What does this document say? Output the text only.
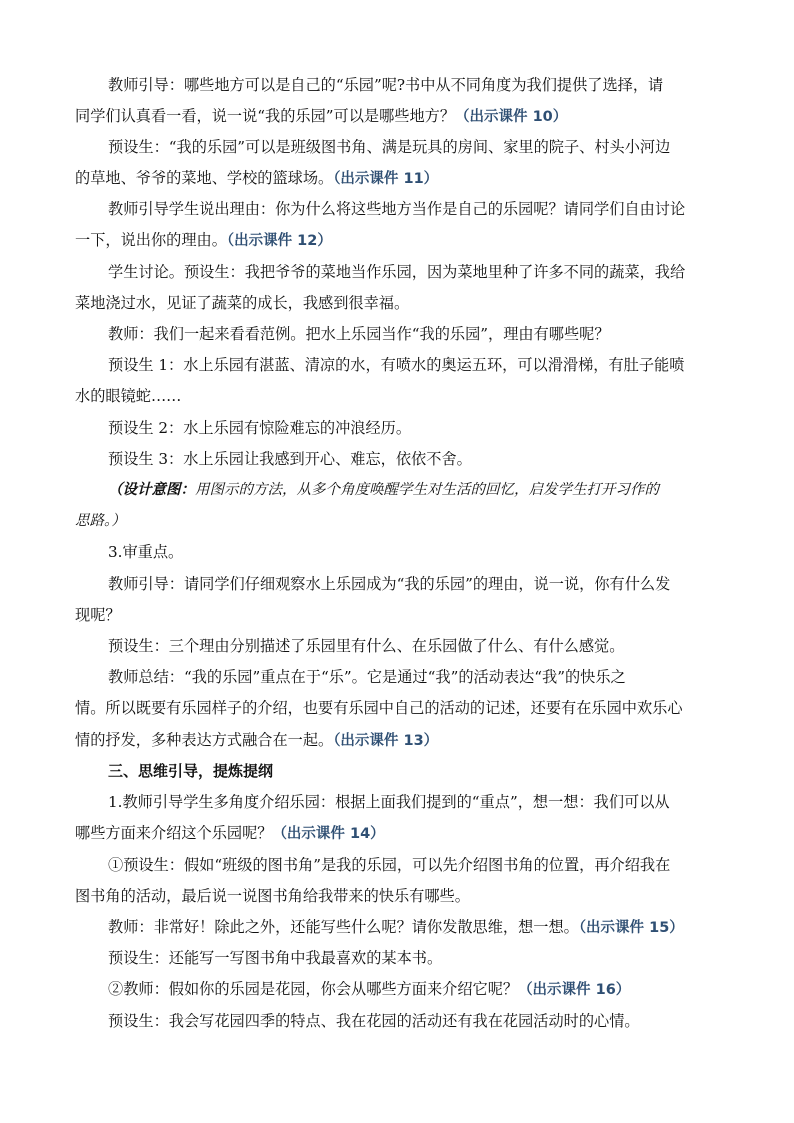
教师引导：哪些地方可以是自己的“乐园”呢?书中从不同角度为我们提供了选择，请
同学们认真看一看，说一说“我的乐园”可以是哪些地方？（出示课件 10）
预设生：“我的乐园”可以是班级图书角、满是玩具的房间、家里的院子、村头小河边
的草地、爷爷的菜地、学校的篮球场。（出示课件 11）
教师引导学生说出理由：你为什么将这些地方当作是自己的乐园呢？请同学们自由讨论
一下，说出你的理由。（出示课件 12）
学生讨论。预设生：我把爷爷的菜地当作乐园，因为菜地里种了许多不同的蔬菜，我给
菜地浇过水，见证了蔬菜的成长，我感到很幸福。
教师：我们一起来看看范例。把水上乐园当作“我的乐园”，理由有哪些呢？
预设生 1：水上乐园有湛蓝、清凉的水，有喷水的奥运五环，可以滑滑梯，有肚子能喷
水的眼镜蛇……
预设生 2：水上乐园有惊险难忘的冲浪经历。
预设生 3：水上乐园让我感到开心、难忘，依依不舍。
（设计意图：用图示的方法，从多个角度唤醒学生对生活的回忆，启发学生打开习作的
思路。）
3.审重点。
教师引导：请同学们仔细观察水上乐园成为“我的乐园”的理由，说一说，你有什么发
现呢？
预设生：三个理由分别描述了乐园里有什么、在乐园做了什么、有什么感觉。
教师总结：“我的乐园”重点在于“乐”。它是通过“我”的活动表达“我”的快乐之
情。所以既要有乐园样子的介绍，也要有乐园中自己的活动的记述，还要有在乐园中欢乐心
情的抒发，多种表达方式融合在一起。（出示课件 13）
三、思维引导，提炼提纲
1.教师引导学生多角度介绍乐园：根据上面我们提到的“重点”，想一想：我们可以从
哪些方面来介绍这个乐园呢？（出示课件 14）
①预设生：假如“班级的图书角”是我的乐园，可以先介绍图书角的位置，再介绍我在
图书角的活动，最后说一说图书角给我带来的快乐有哪些。
教师：非常好！除此之外，还能写些什么呢？请你发散思维，想一想。（出示课件 15）
预设生：还能写一写图书角中我最喜欢的某本书。
②教师：假如你的乐园是花园，你会从哪些方面来介绍它呢？（出示课件 16）
预设生：我会写花园四季的特点、我在花园的活动还有我在花园活动时的心情。
